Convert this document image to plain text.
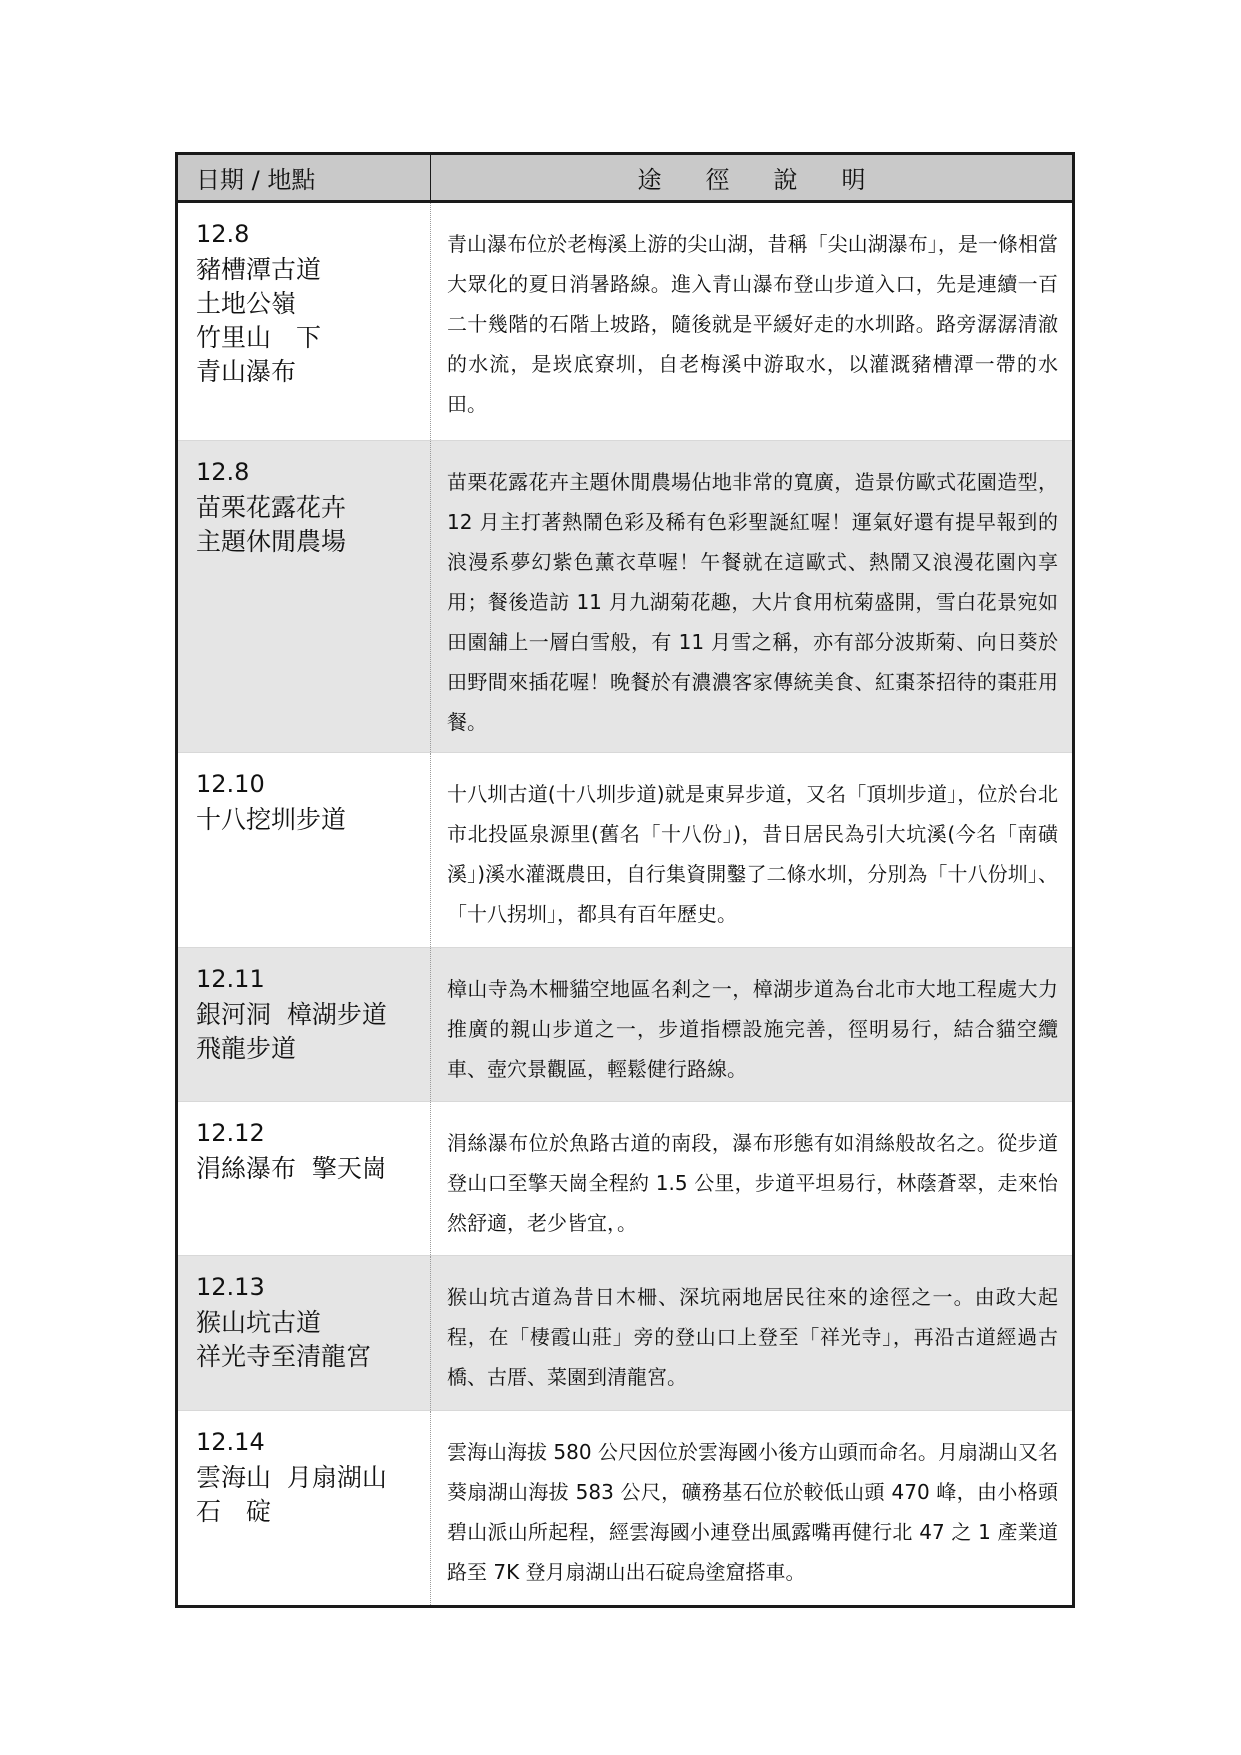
日期 / 地點	途徑說明
12.8
豬槽潭古道
土地公嶺
竹里山　下
青山瀑布
青山瀑布位於老梅溪上游的尖山湖，昔稱「尖山湖瀑布」，是一條相當大眾化的夏日消暑路線。進入青山瀑布登山步道入口，先是連續一百二十幾階的石階上坡路，隨後就是平緩好走的水圳路。路旁潺潺清澈的水流，是崁底寮圳，自老梅溪中游取水，以灌溉豬槽潭一帶的水田。
12.8
苗栗花露花卉
主題休閒農場
苗栗花露花卉主題休閒農場佔地非常的寬廣，造景仿歐式花園造型，12 月主打著熱鬧色彩及稀有色彩聖誕紅喔！運氣好還有提早報到的浪漫系夢幻紫色薰衣草喔！午餐就在這歐式、熱鬧又浪漫花園內享用；餐後造訪 11 月九湖菊花趣，大片食用杭菊盛開，雪白花景宛如田園舖上一層白雪般，有 11 月雪之稱，亦有部分波斯菊、向日葵於田野間來插花喔！晚餐於有濃濃客家傳統美食、紅棗茶招待的棗莊用餐。
12.10
十八挖圳步道
十八圳古道(十八圳步道)就是東昇步道，又名「頂圳步道」，位於台北市北投區泉源里(舊名「十八份」)，昔日居民為引大坑溪(今名「南磺溪」)溪水灌溉農田，自行集資開鑿了二條水圳，分別為「十八份圳」、「十八拐圳」，都具有百年歷史。
12.11
銀河洞  樟湖步道
飛龍步道
樟山寺為木柵貓空地區名剎之一，樟湖步道為台北市大地工程處大力推廣的親山步道之一，步道指標設施完善，徑明易行，結合貓空纜車、壺穴景觀區，輕鬆健行路線。
12.12
涓絲瀑布  擎天崗
涓絲瀑布位於魚路古道的南段，瀑布形態有如涓絲般故名之。從步道登山口至擎天崗全程約 1.5 公里，步道平坦易行，林蔭蒼翠，走來怡然舒適，老少皆宜，。
12.13
猴山坑古道
祥光寺至清龍宮
猴山坑古道為昔日木柵、深坑兩地居民往來的途徑之一。由政大起程，在「棲霞山莊」旁的登山口上登至「祥光寺」，再沿古道經過古橋、古厝、菜園到清龍宮。
12.14
雲海山  月扇湖山
石　碇
雲海山海拔 580 公尺因位於雲海國小後方山頭而命名。月扇湖山又名葵扇湖山海拔 583 公尺，礦務基石位於較低山頭 470 峰，由小格頭碧山派山所起程，經雲海國小連登出風露嘴再健行北 47 之 1 產業道路至 7K 登月扇湖山出石碇烏塗窟搭車。
